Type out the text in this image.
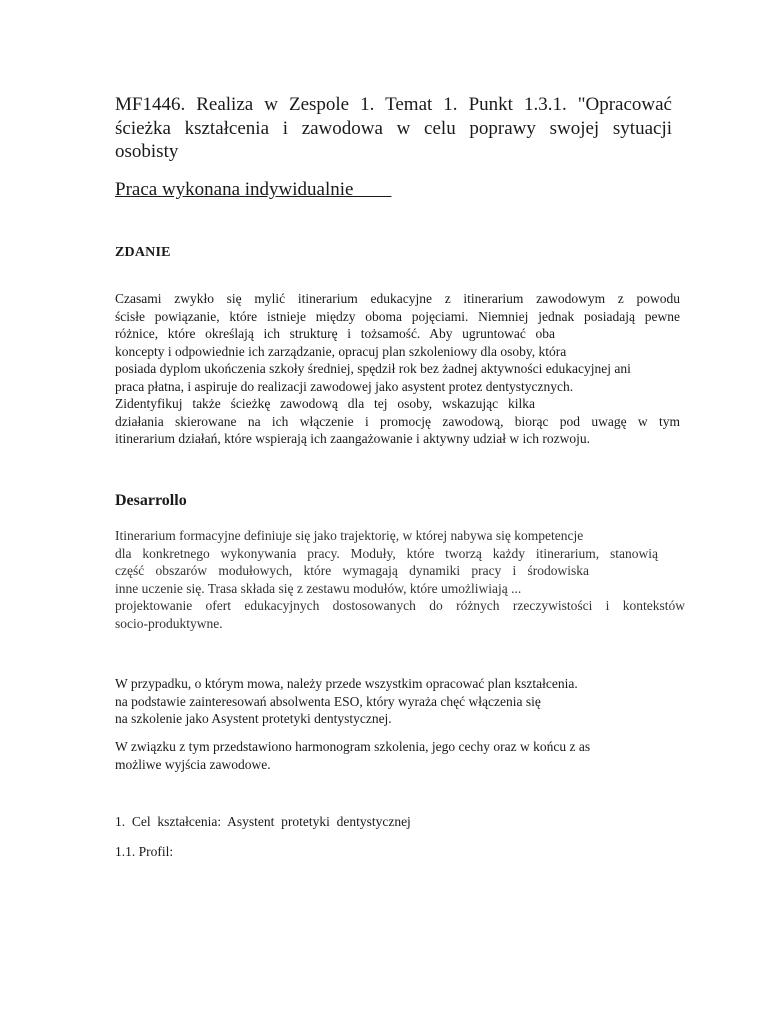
MF1446. Realiza w Zespole 1. Temat 1. Punkt 1.3.1. "Opracować
ścieżka kształcenia i zawodowa w celu poprawy swojej sytuacji
osobisty
Praca wykonana indywidualnie
ZDANIE
Czasami zwykło się mylić itinerarium edukacyjne z itinerarium zawodowym z powodu
ścisłe powiązanie, które istnieje między oboma pojęciami. Niemniej jednak posiadają pewne
różnice, które określają ich strukturę i tożsamość. Aby ugruntować oba
koncepty i odpowiednie ich zarządzanie, opracuj plan szkoleniowy dla osoby, która
posiada dyplom ukończenia szkoły średniej, spędził rok bez żadnej aktywności edukacyjnej ani
praca płatna, i aspiruje do realizacji zawodowej jako asystent protez dentystycznych.
Zidentyfikuj także ścieżkę zawodową dla tej osoby, wskazując kilka
działania skierowane na ich włączenie i promocję zawodową, biorąc pod uwagę w tym
itinerarium działań, które wspierają ich zaangażowanie i aktywny udział w ich rozwoju.
Desarrollo
Itinerarium formacyjne definiuje się jako trajektorię, w której nabywa się kompetencje
dla konkretnego wykonywania pracy. Moduły, które tworzą każdy itinerarium, stanowią
część obszarów modułowych, które wymagają dynamiki pracy i środowiska
inne uczenie się. Trasa składa się z zestawu modułów, które umożliwiają ...
projektowanie ofert edukacyjnych dostosowanych do różnych rzeczywistości i kontekstów
socio-produktywne.
W przypadku, o którym mowa, należy przede wszystkim opracować plan kształcenia.
na podstawie zainteresowań absolwenta ESO, który wyraża chęć włączenia się
na szkolenie jako Asystent protetyki dentystycznej.
W związku z tym przedstawiono harmonogram szkolenia, jego cechy oraz w końcu z as
możliwe wyjścia zawodowe.
1.  Cel  kształcenia:  Asystent  protetyki  dentystycznej
1.1. Profil:
